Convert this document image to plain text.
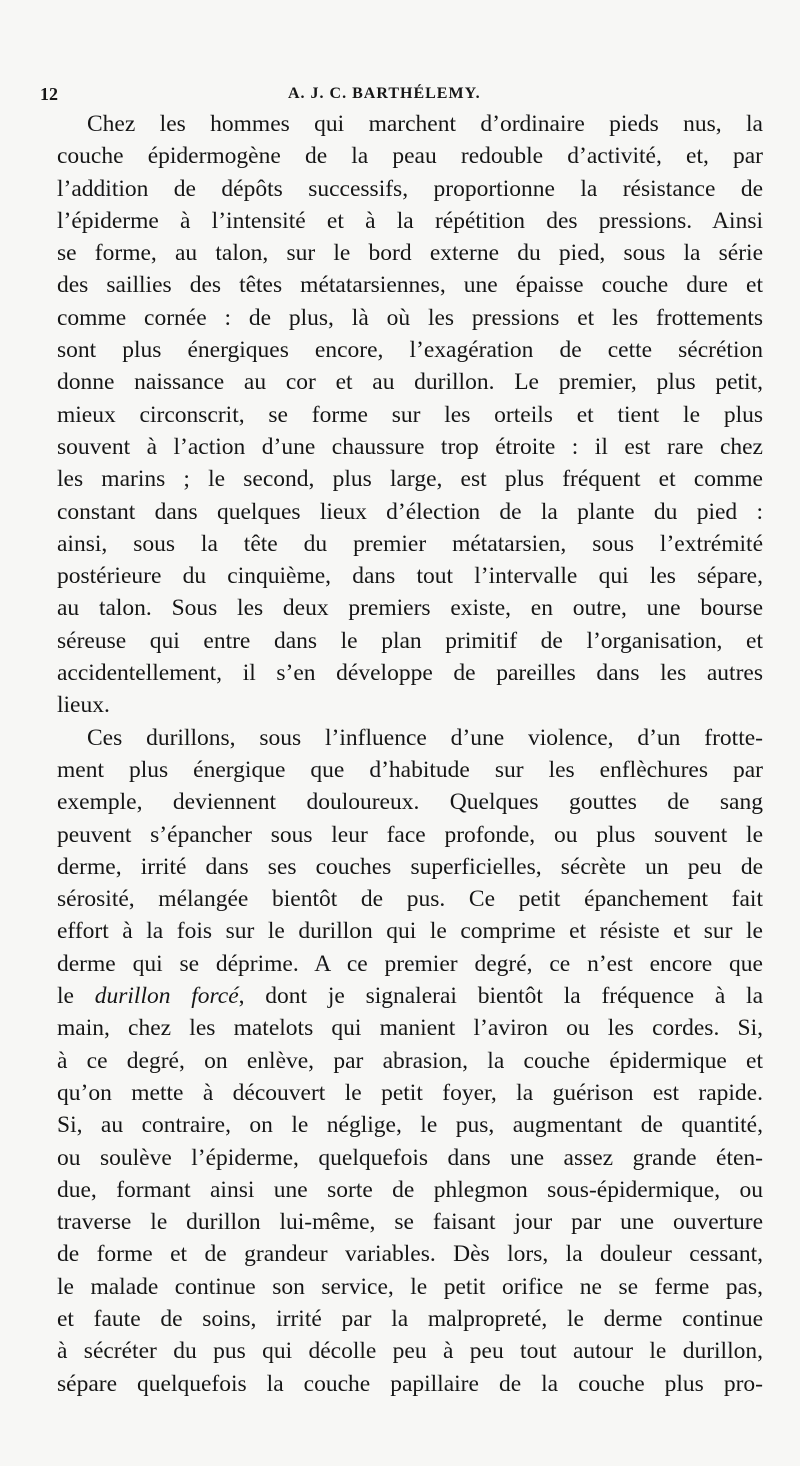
12	A. J. C. BARTHÉLEMY.
Chez les hommes qui marchent d’ordinaire pieds nus, la
couche épidermogène de la peau redouble d’activité, et, par
l’addition de dépôts successifs, proportionne la résistance de
l’épiderme à l’intensité et à la répétition des pressions. Ainsi
se forme, au talon, sur le bord externe du pied, sous la série
des saillies des têtes métatarsiennes, une épaisse couche dure et
comme cornée : de plus, là où les pressions et les frottements
sont plus énergiques encore, l’exagération de cette sécrétion
donne naissance au cor et au durillon. Le premier, plus petit,
mieux circonscrit, se forme sur les orteils et tient le plus
souvent à l’action d’une chaussure trop étroite : il est rare chez
les marins ; le second, plus large, est plus fréquent et comme
constant dans quelques lieux d’élection de la plante du pied :
ainsi, sous la tête du premier métatarsien, sous l’extrémité
postérieure du cinquième, dans tout l’intervalle qui les sépare,
au talon. Sous les deux premiers existe, en outre, une bourse
séreuse qui entre dans le plan primitif de l’organisation, et
accidentellement, il s’en développe de pareilles dans les autres
lieux.
Ces durillons, sous l’influence d’une violence, d’un frotte-
ment plus énergique que d’habitude sur les enflèchures par
exemple, deviennent douloureux. Quelques gouttes de sang
peuvent s’épancher sous leur face profonde, ou plus souvent le
derme, irrité dans ses couches superficielles, sécrète un peu de
sérosité, mélangée bientôt de pus. Ce petit épanchement fait
effort à la fois sur le durillon qui le comprime et résiste et sur le
derme qui se déprime. A ce premier degré, ce n’est encore que
le durillon forcé, dont je signalerai bientôt la fréquence à la
main, chez les matelots qui manient l’aviron ou les cordes. Si,
à ce degré, on enlève, par abrasion, la couche épidermique et
qu’on mette à découvert le petit foyer, la guérison est rapide.
Si, au contraire, on le néglige, le pus, augmentant de quantité,
ou soulève l’épiderme, quelquefois dans une assez grande éten-
due, formant ainsi une sorte de phlegmon sous-épidermique, ou
traverse le durillon lui-même, se faisant jour par une ouverture
de forme et de grandeur variables. Dès lors, la douleur cessant,
le malade continue son service, le petit orifice ne se ferme pas,
et faute de soins, irrité par la malpropreté, le derme continue
à sécréter du pus qui décolle peu à peu tout autour le durillon,
sépare quelquefois la couche papillaire de la couche plus pro-
